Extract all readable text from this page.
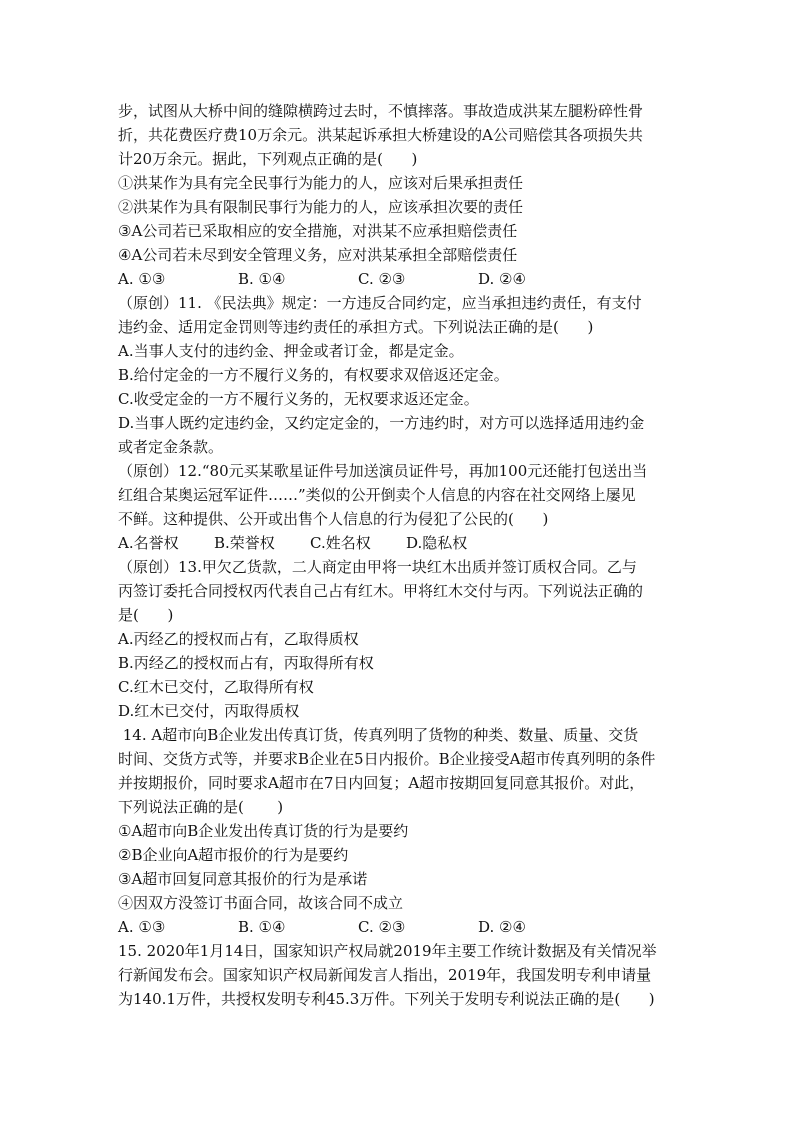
步，试图从大桥中间的缝隙横跨过去时，不慎摔落。事故造成洪某左腿粉碎性骨
折，共花费医疗费10万余元。洪某起诉承担大桥建设的A公司赔偿其各项损失共
计20万余元。据此，下列观点正确的是(      )
①洪某作为具有完全民事行为能力的人，应该对后果承担责任
②洪某作为具有限制民事行为能力的人，应该承担次要的责任
③A公司若已采取相应的安全措施，对洪某不应承担赔偿责任
④A公司若未尽到安全管理义务，应对洪某承担全部赔偿责任
A. ①③	B. ①④	C. ②③	D. ②④
（原创）11. 《民法典》规定：一方违反合同约定，应当承担违约责任，有支付
违约金、适用定金罚则等违约责任的承担方式。下列说法正确的是(      )
A.当事人支付的违约金、押金或者订金，都是定金。
B.给付定金的一方不履行义务的，有权要求双倍返还定金。
C.收受定金的一方不履行义务的，无权要求返还定金。
D.当事人既约定违约金，又约定定金的，一方违约时，对方可以选择适用违约金
或者定金条款。
（原创）12.“80元买某歌星证件号加送演员证件号，再加100元还能打包送出当
红组合某奥运冠军证件……”类似的公开倒卖个人信息的内容在社交网络上屡见
不鲜。这种提供、公开或出售个人信息的行为侵犯了公民的(      )
A.名誉权 B.荣誉权 C.姓名权 D.隐私权
（原创）13.甲欠乙货款，二人商定由甲将一块红木出质并签订质权合同。乙与
丙签订委托合同授权丙代表自己占有红木。甲将红木交付与丙。下列说法正确的
是(      )
A.丙经乙的授权而占有，乙取得质权
B.丙经乙的授权而占有，丙取得所有权
C.红木已交付，乙取得所有权
D.红木已交付，丙取得质权
14. A超市向B企业发出传真订货，传真列明了货物的种类、数量、质量、交货
时间、交货方式等，并要求B企业在5日内报价。B企业接受A超市传真列明的条件
并按期报价，同时要求A超市在7日内回复；A超市按期回复同意其报价。对此，
下列说法正确的是(       )
①A超市向B企业发出传真订货的行为是要约
②B企业向A超市报价的行为是要约
③A超市回复同意其报价的行为是承诺
④因双方没签订书面合同，故该合同不成立
A. ①③	B. ①④	C. ②③	D. ②④
15. 2020年1月14日，国家知识产权局就2019年主要工作统计数据及有关情况举
行新闻发布会。国家知识产权局新闻发言人指出，2019年，我国发明专利申请量
为140.1万件，共授权发明专利45.3万件。下列关于发明专利说法正确的是(      )
